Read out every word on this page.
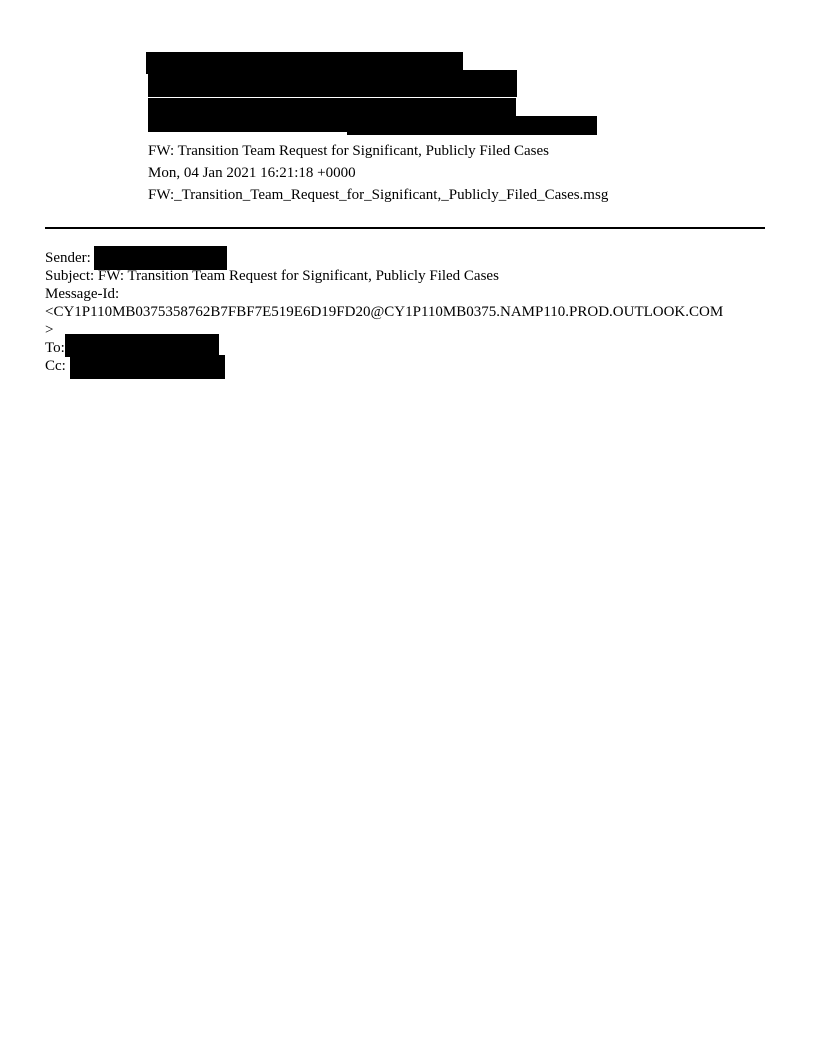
FW: Transition Team Request for Significant, Publicly Filed Cases
Mon, 04 Jan 2021 16:21:18 +0000
FW:_Transition_Team_Request_for_Significant,_Publicly_Filed_Cases.msg
Sender:
Subject: FW: Transition Team Request for Significant, Publicly Filed Cases
Message-Id:
<CY1P110MB0375358762B7FBF7E519E6D19FD20@CY1P110MB0375.NAMP110.PROD.OUTLOOK.COM
>
To:
Cc:
